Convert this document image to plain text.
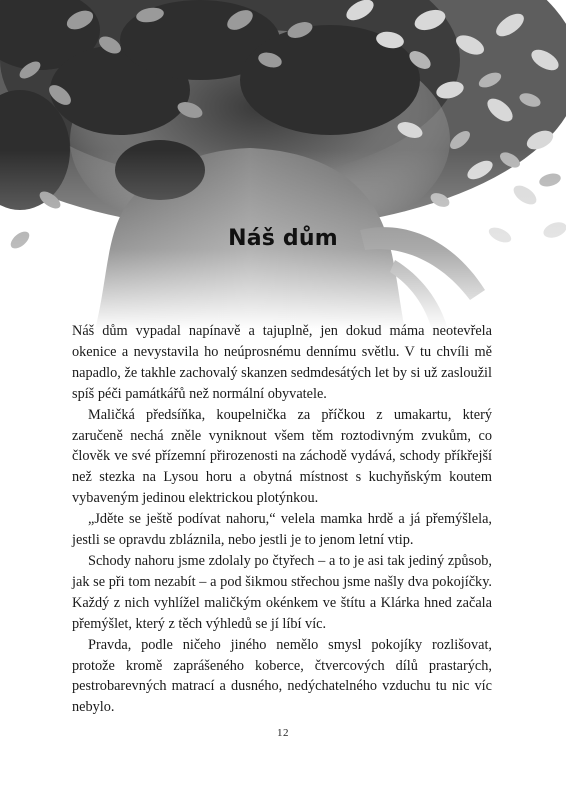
Náš dům

Náš dům vypadal napínavě a tajuplně, jen dokud máma neotevřela okenice a nevystavila ho neúprosnému dennímu světlu. V tu chvíli mě napadlo, že takhle zachovalý skanzen sedmdesátých let by si už zasloužil spíš péči památkářů než normální obyvatele.

Maličká předsíňka, koupelnička za příčkou z umakartu, který zaručeně nechá zněle vyniknout všem těm roztodivným zvukům, co člověk ve své přízemní přirozenosti na záchodě vydává, schody příkřejší než stezka na Lysou horu a obytná místnost s kuchyňským koutem vybaveným jedinou elektrickou plotýnkou.

„Jděte se ještě podívat nahoru,“ velela mamka hrdě a já přemýšlela, jestli se opravdu zbláznila, nebo jestli je to jenom letní vtip.

Schody nahoru jsme zdolaly po čtyřech – a to je asi tak jediný způsob, jak se při tom nezabít – a pod šikmou střechou jsme našly dva pokojíčky. Každý z nich vyhlížel maličkým okénkem ve štítu a Klárka hned začala přemýšlet, který z těch výhledů se jí líbí víc.

Pravda, podle ničeho jiného nemělo smysl pokojíky rozlišovat, protože kromě zaprášeného koberce, čtvercových dílů prastarých, pestrobarevných matrací a dusného, nedýchatelného vzduchu tu nic víc nebylo.

12
